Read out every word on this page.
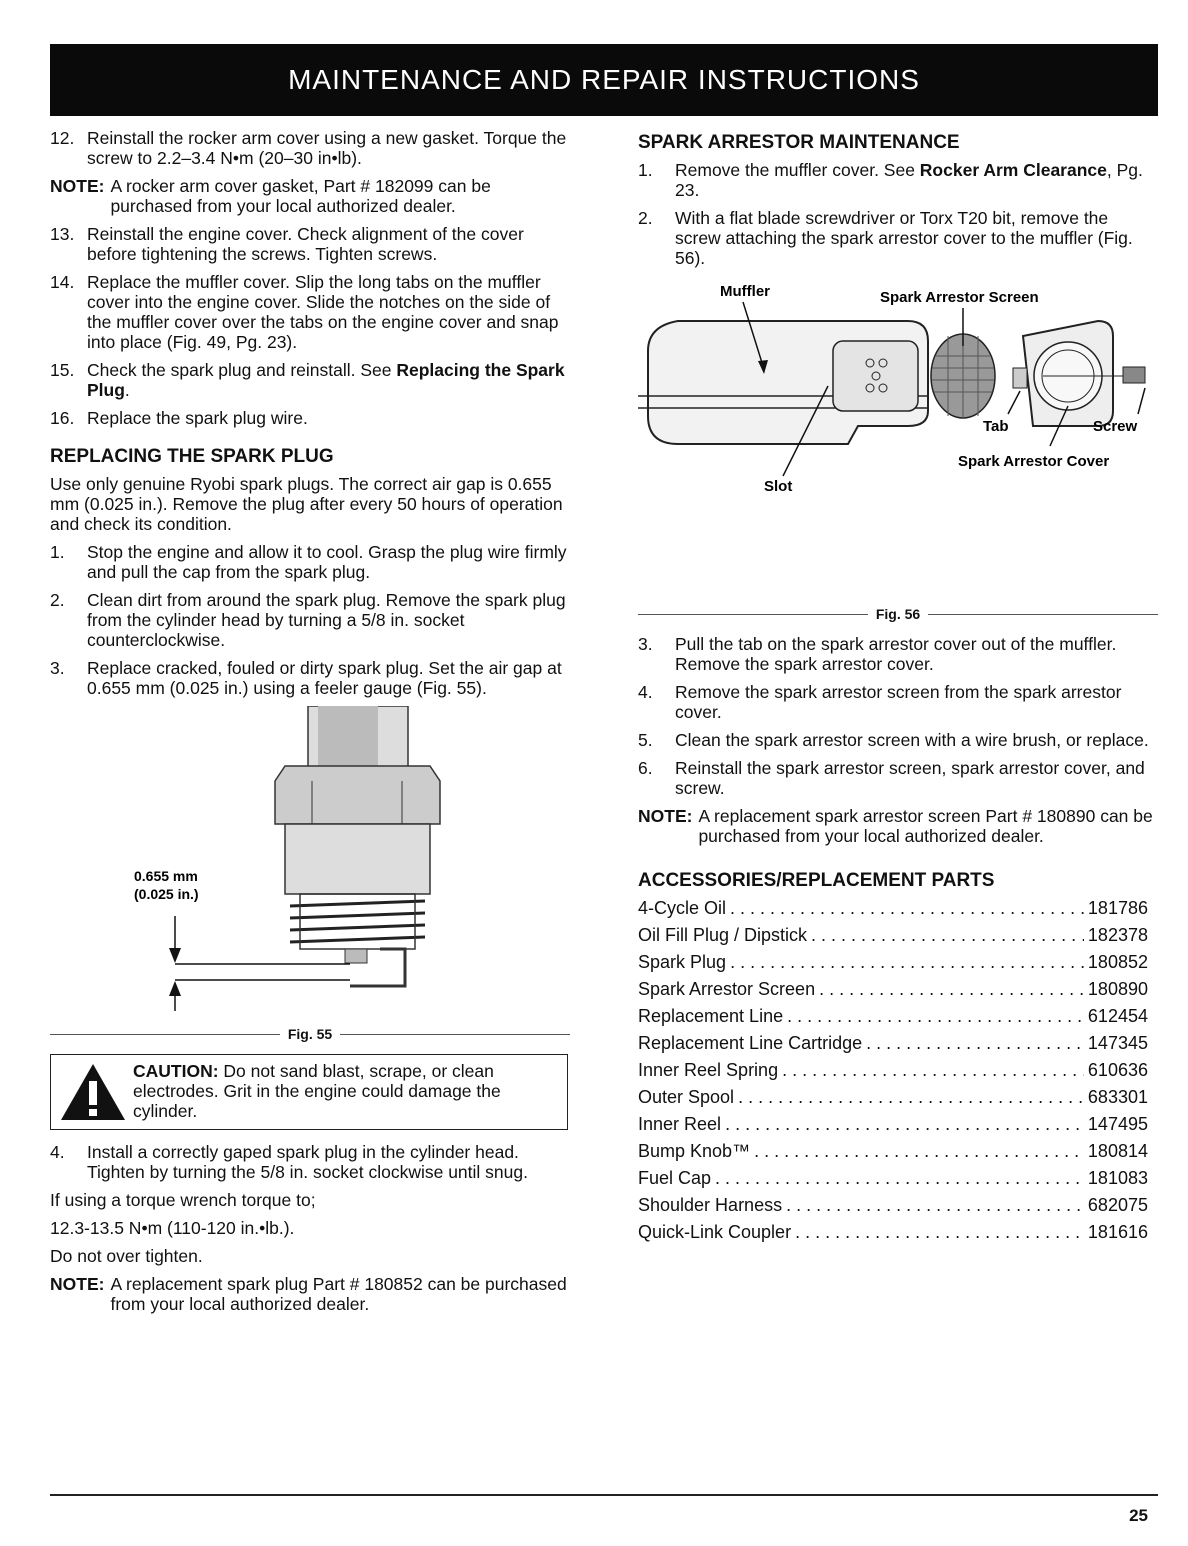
MAINTENANCE AND REPAIR INSTRUCTIONS
12. Reinstall the rocker arm cover using a new gasket. Torque the screw to 2.2–3.4 N•m (20–30 in•lb).
NOTE: A rocker arm cover gasket, Part # 182099 can be purchased from your local authorized dealer.
13. Reinstall the engine cover. Check alignment of the cover before tightening the screws. Tighten screws.
14. Replace the muffler cover. Slip the long tabs on the muffler cover into the engine cover. Slide the notches on the side of the muffler cover over the tabs on the engine cover and snap into place (Fig. 49, Pg. 23).
15. Check the spark plug and reinstall. See Replacing the Spark Plug.
16. Replace the spark plug wire.
REPLACING THE SPARK PLUG
Use only genuine Ryobi spark plugs. The correct air gap is 0.655 mm (0.025 in.). Remove the plug after every 50 hours of operation and check its condition.
1.	Stop the engine and allow it to cool. Grasp the plug wire firmly and pull the cap from the spark plug.
2.	Clean dirt from around the spark plug. Remove the spark plug from the cylinder head by turning a 5/8 in. socket counterclockwise.
3.	Replace cracked, fouled or dirty spark plug. Set the air gap at 0.655 mm (0.025 in.) using a feeler gauge (Fig. 55).
0.655 mm
(0.025 in.)
Fig. 55
CAUTION: Do not sand blast, scrape, or clean electrodes. Grit in the engine could damage the cylinder.
4.	Install a correctly gaped spark plug in the cylinder head. Tighten by turning the 5/8 in. socket clockwise until snug.
If using a torque wrench torque to;
12.3-13.5 N•m (110-120 in.•lb.).
Do not over tighten.
NOTE: A replacement spark plug Part # 180852 can be purchased from your local authorized dealer.
SPARK ARRESTOR MAINTENANCE
1.	Remove the muffler cover. See Rocker Arm Clearance, Pg. 23.
2.	With a flat blade screwdriver or Torx T20 bit, remove the screw attaching the spark arrestor cover to the muffler (Fig. 56).
Muffler	Spark Arrestor Screen
Tab	Screw
Spark Arrestor Cover
Slot
Fig. 56
3.	Pull the tab on the spark arrestor cover out of the muffler. Remove the spark arrestor cover.
4.	Remove the spark arrestor screen from the spark arrestor cover.
5.	Clean the spark arrestor screen with a wire brush, or replace.
6.	Reinstall the spark arrestor screen, spark arrestor cover, and screw.
NOTE: A replacement spark arrestor screen Part # 180890 can be purchased from your local authorized dealer.
ACCESSORIES/REPLACEMENT PARTS
4-Cycle Oil . . .	181786
Oil Fill Plug / Dipstick . . .	182378
Spark Plug . . .	180852
Spark Arrestor Screen . . .	180890
Replacement Line . . .	612454
Replacement Line Cartridge . . .	147345
Inner Reel Spring . . .	610636
Outer Spool . . .	683301
Inner Reel . . .	147495
Bump Knob™ . . .	180814
Fuel Cap . . .	181083
Shoulder Harness . . .	682075
Quick-Link Coupler . . .	181616
25
